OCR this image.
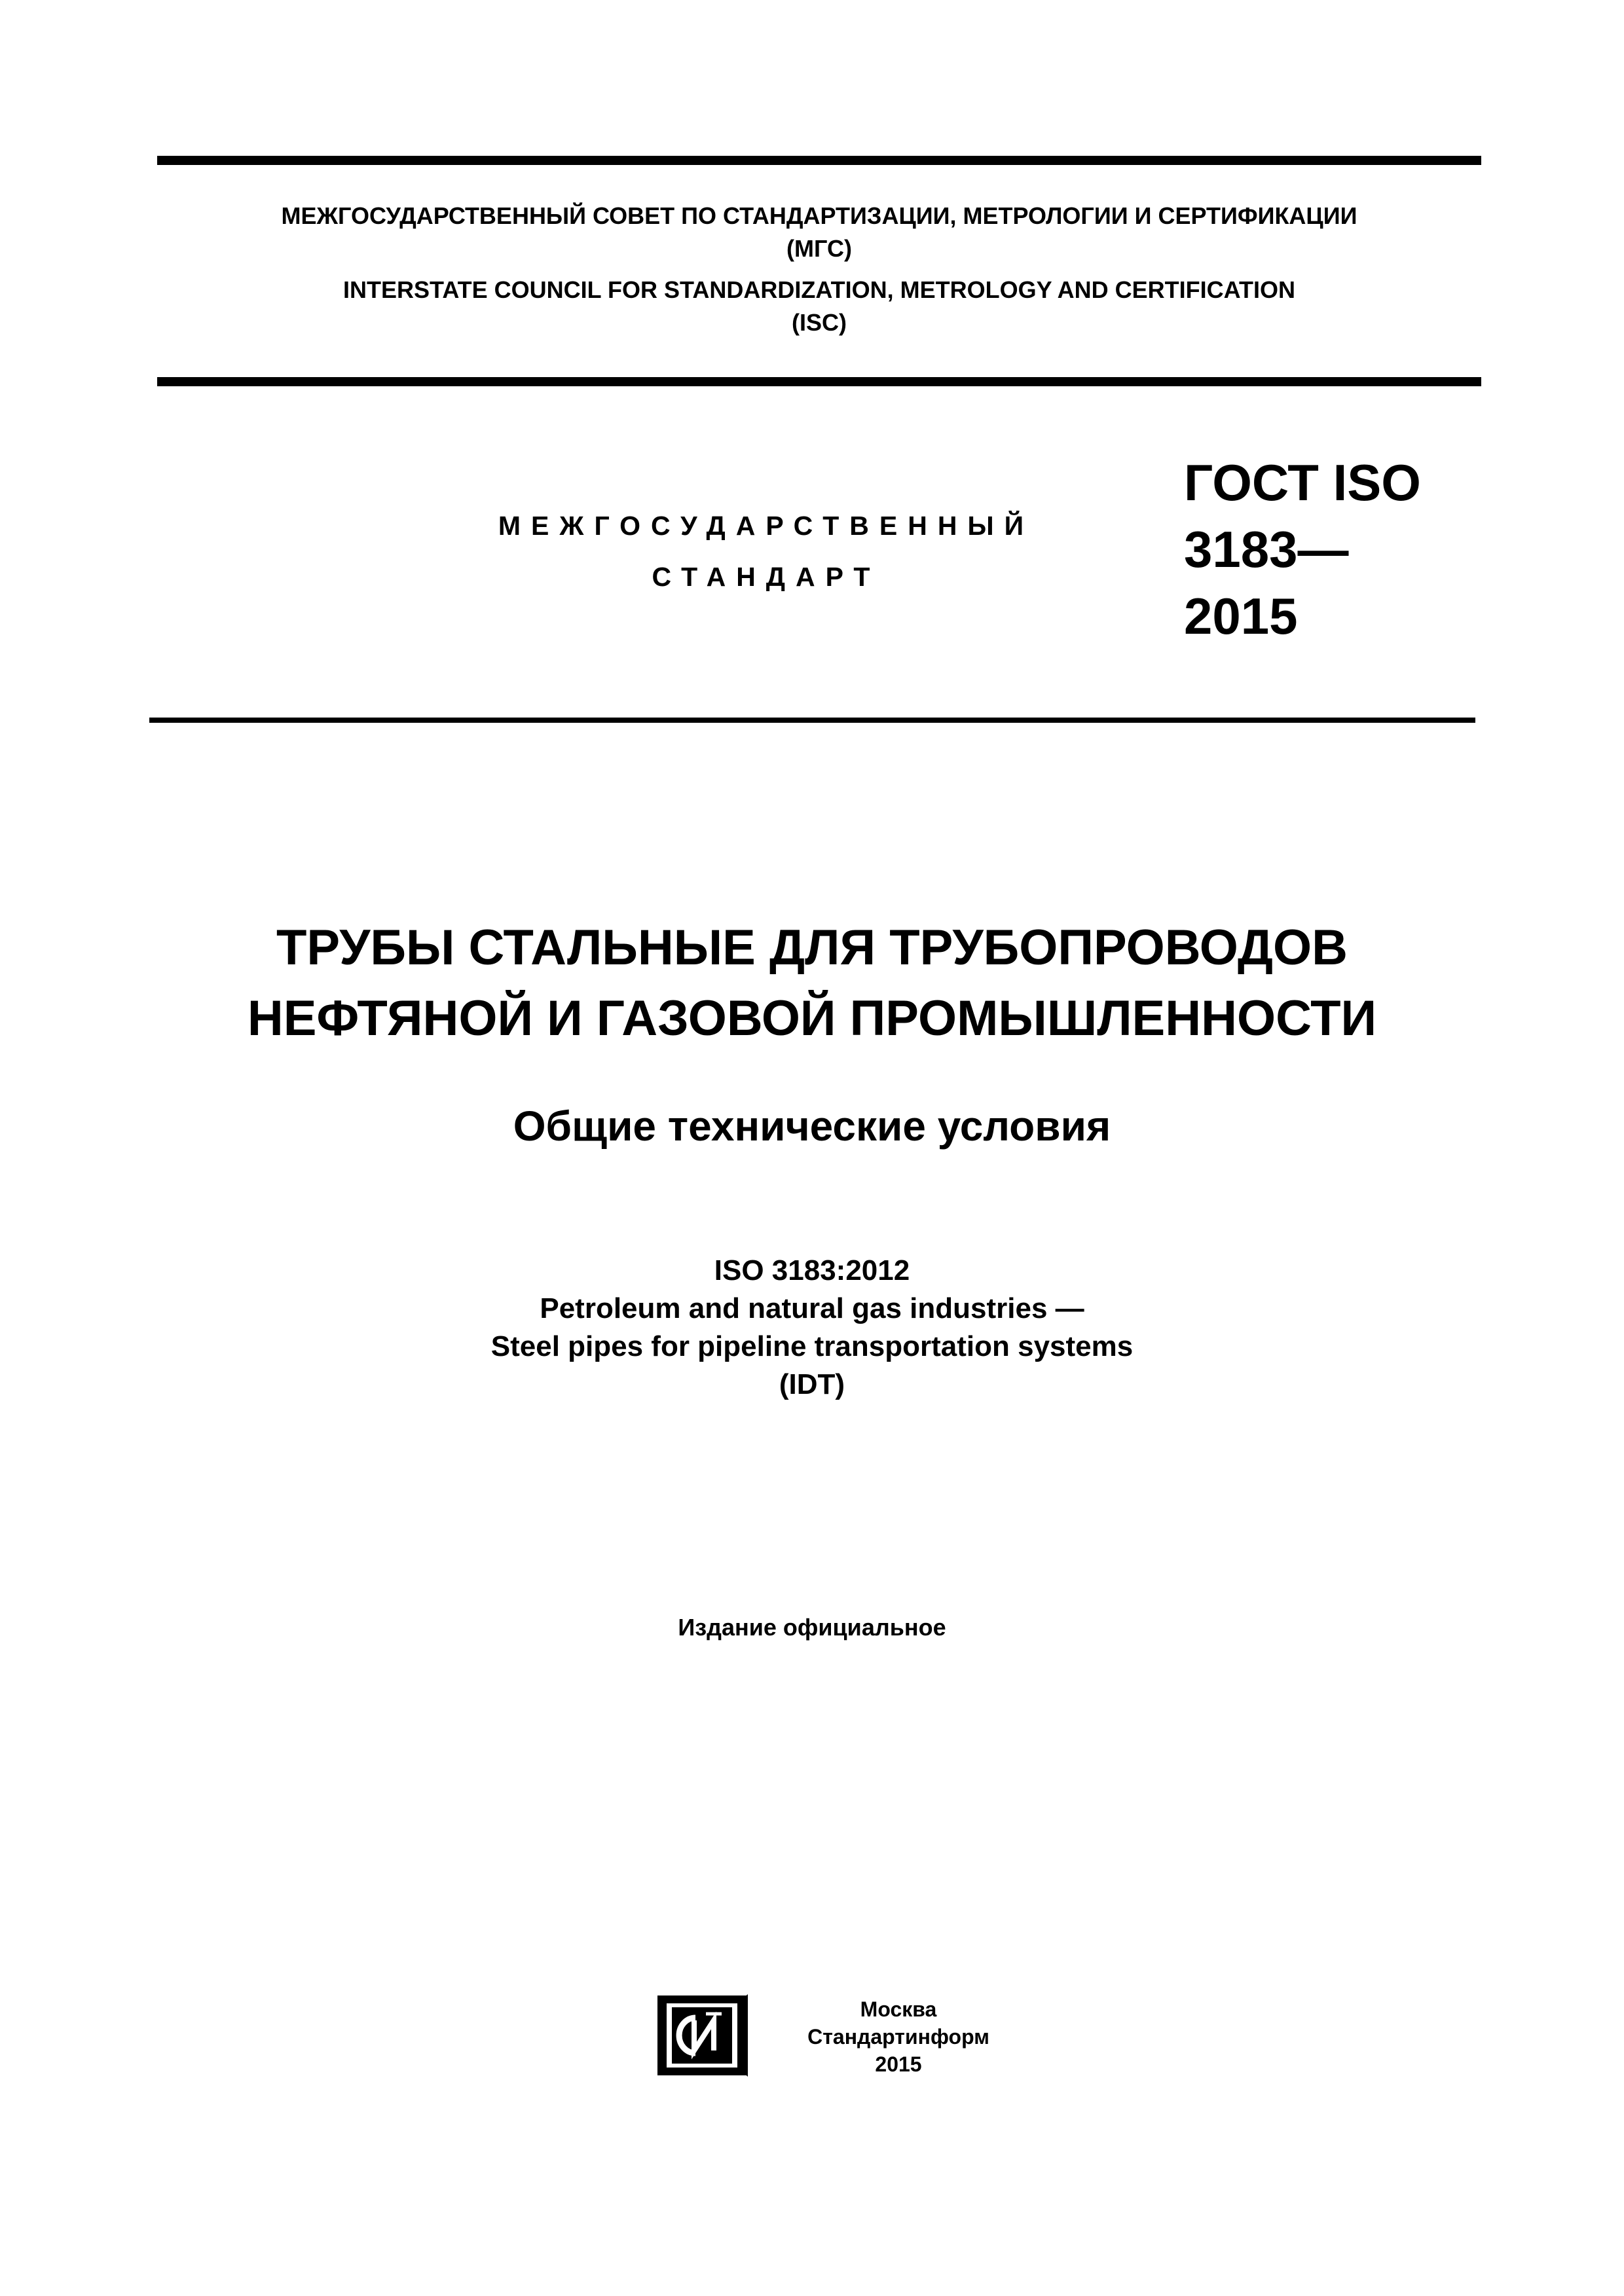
МЕЖГОСУДАРСТВЕННЫЙ СОВЕТ ПО СТАНДАРТИЗАЦИИ, МЕТРОЛОГИИ И СЕРТИФИКАЦИИ
(МГС)
INTERSTATE COUNCIL FOR STANDARDIZATION, METROLOGY AND CERTIFICATION
(ISC)
МЕЖГОСУДАРСТВЕННЫЙ
СТАНДАРТ
ГОСТ ISO
3183—
2015
ТРУБЫ СТАЛЬНЫЕ ДЛЯ ТРУБОПРОВОДОВ
НЕФТЯНОЙ И ГАЗОВОЙ ПРОМЫШЛЕННОСТИ
Общие технические условия
ISO 3183:2012
Petroleum and natural gas industries —
Steel pipes for pipeline transportation systems
(IDT)
Издание официальное
Москва
Стандартинформ
2015
